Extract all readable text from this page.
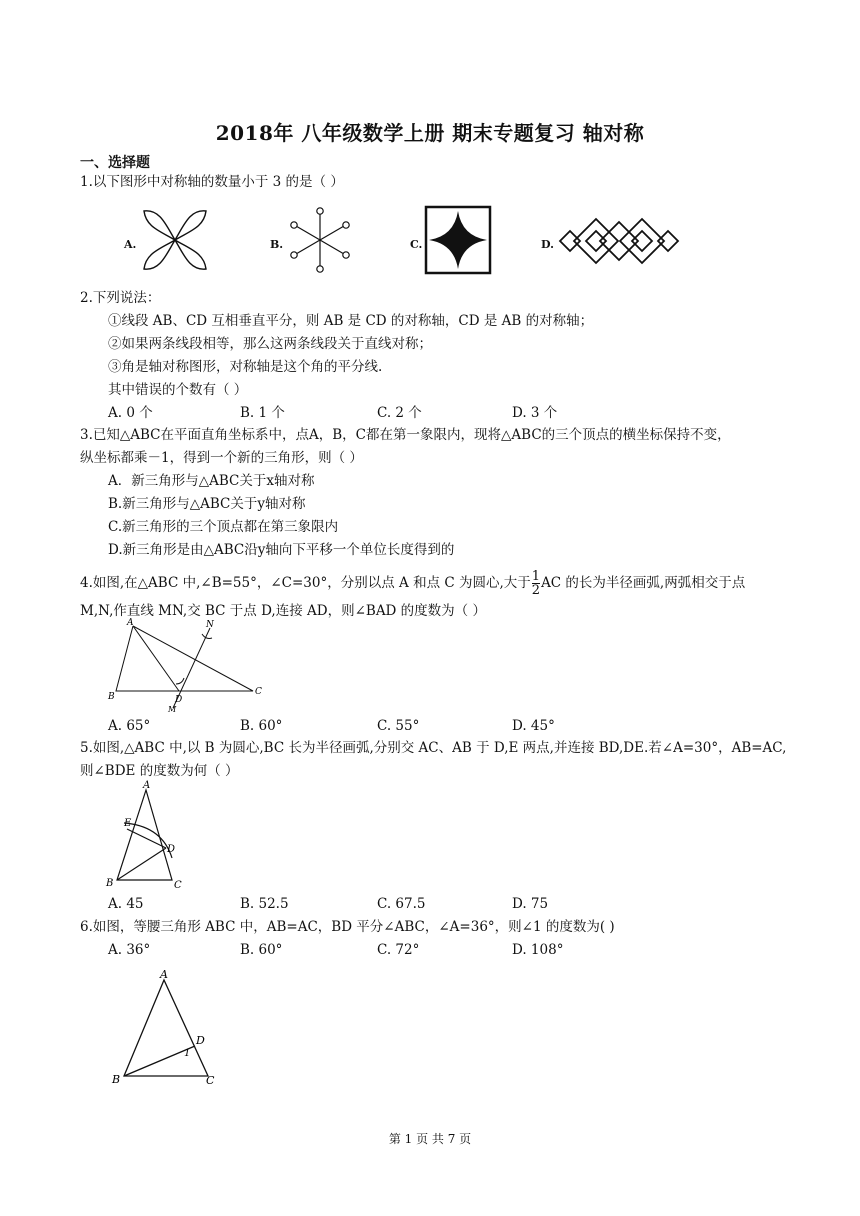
2018年 八年级数学上册 期末专题复习 轴对称
一、选择题
1.以下图形中对称轴的数量小于 3 的是（ ）
A.	B.	C.	D.
2.下列说法：
①线段 AB、CD 互相垂直平分，则 AB 是 CD 的对称轴，CD 是 AB 的对称轴；
②如果两条线段相等，那么这两条线段关于直线对称；
③角是轴对称图形，对称轴是这个角的平分线.
其中错误的个数有（ ）
A. 0 个	B. 1 个	C. 2 个	D. 3 个
3.已知△ABC在平面直角坐标系中，点A，B，C都在第一象限内，现将△ABC的三个顶点的横坐标保持不变，
纵坐标都乘－1，得到一个新的三角形，则（ ）
A．新三角形与△ABC关于x轴对称
B.新三角形与△ABC关于y轴对称
C.新三角形的三个顶点都在第三象限内
D.新三角形是由△ABC沿y轴向下平移一个单位长度得到的
4.如图,在△ABC 中,∠B=55°，∠C=30°，分别以点 A 和点 C 为圆心,大于 $\frac{1}{2}$ AC 的长为半径画弧,两弧相交于点
M,N,作直线 MN,交 BC 于点 D,连接 AD，则∠BAD 的度数为（ ）
A	N
B	D
C
M
A. 65°	B. 60°	C. 55°	D. 45°
5.如图,△ABC 中,以 B 为圆心,BC 长为半径画弧,分别交 AC、AB 于 D,E 两点,并连接 BD,DE.若∠A=30°，AB=AC,
则∠BDE 的度数为何（ ）
A
E
D
B	C
A. 45	B. 52.5	C. 67.5	D. 75
6.如图，等腰三角形 ABC 中，AB=AC，BD 平分∠ABC，∠A=36°，则∠1 的度数为( )
A. 36°	B. 60°	C. 72°	D. 108°
A
D
1
B	C
第 1 页 共 7 页
